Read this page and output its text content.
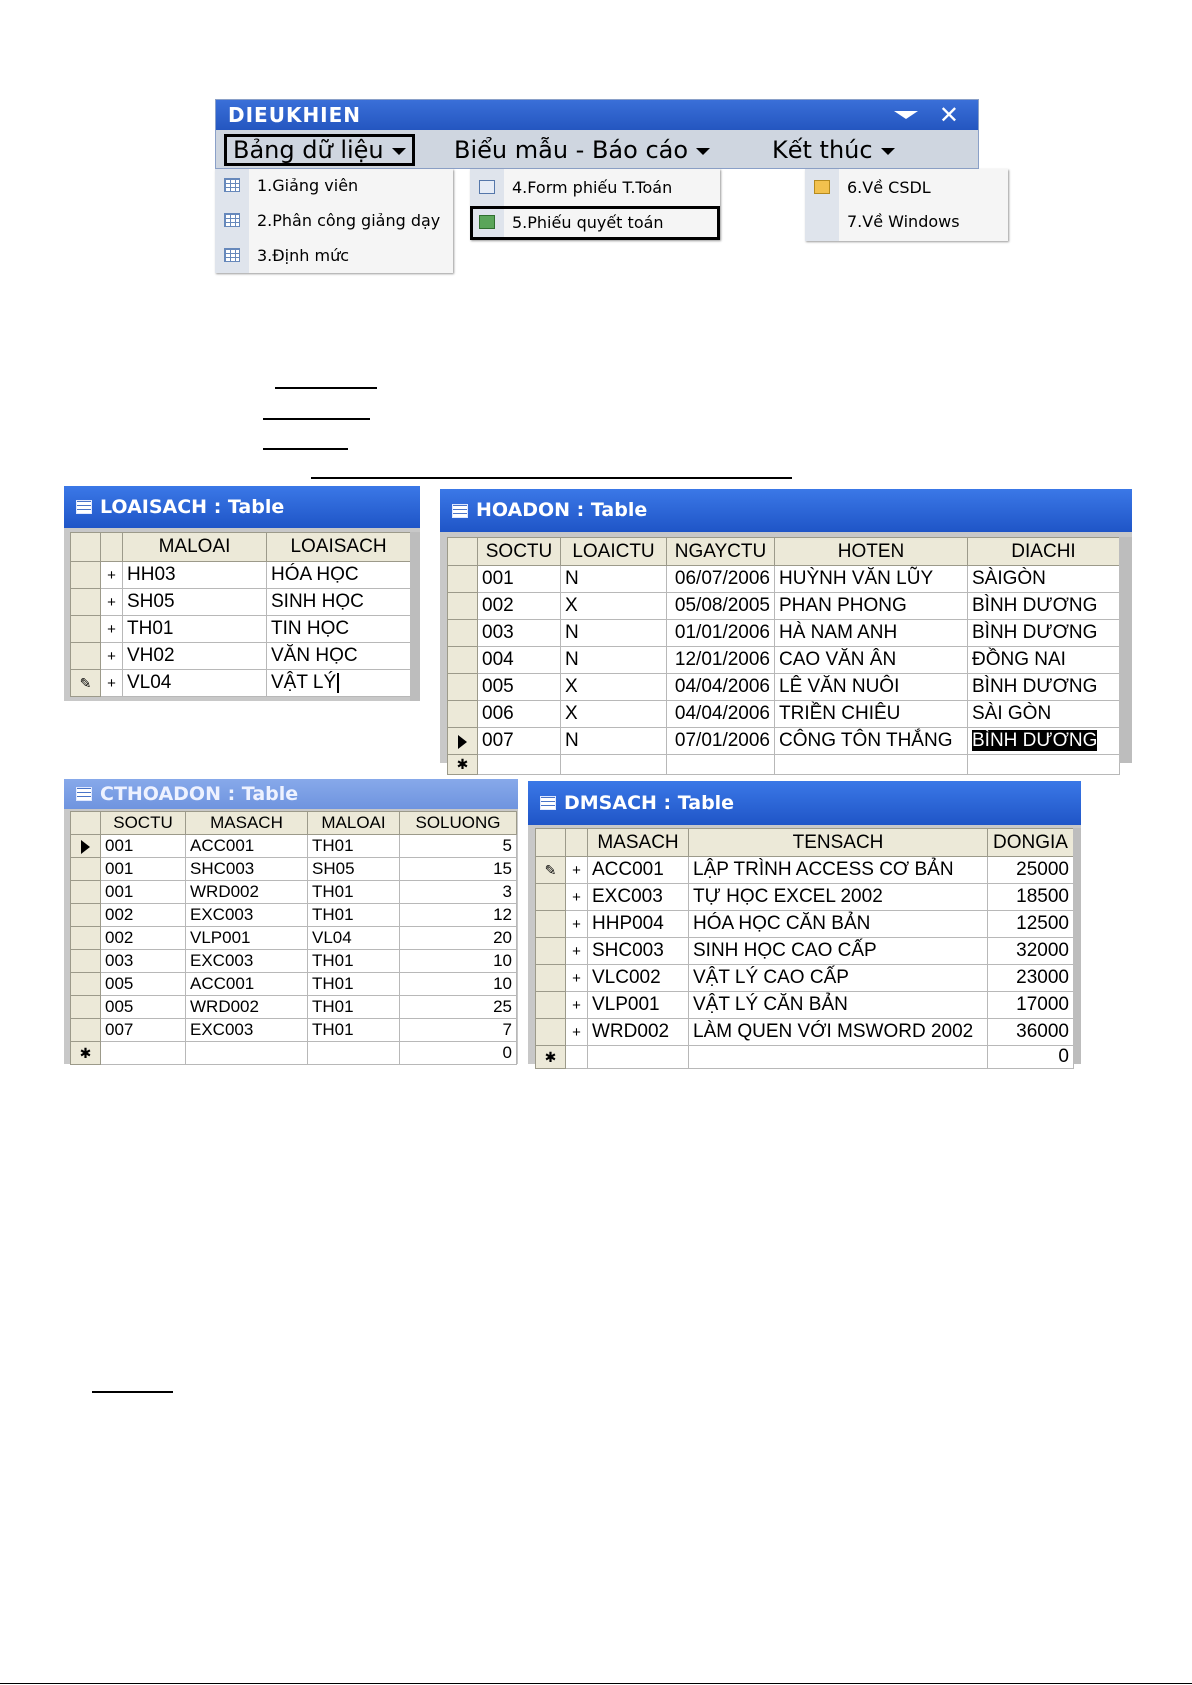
DIEUKHIEN	✕
Bảng dữ liệu	Biểu mẫu - Báo cáo	Kết thúc
1.Giảng viên
2.Phân công giảng dạy
3.Định mức
4.Form phiếu T.Toán
5.Phiếu quyết toán
6.Về CSDL
7.Về Windows
LOAISACH : Table
		MALOAI	LOAISACH
	+	HH03	HÓA HỌC
	+	SH05	SINH HỌC
	+	TH01	TIN HỌC
	+	VH02	VĂN HỌC
✎	+	VL04	VẬT LÝ
HOADON : Table
	SOCTU	LOAICTU	NGAYCTU	HOTEN	DIACHI
	001	N	06/07/2006	HUỲNH VĂN LŨY	SÀIGÒN
	002	X	05/08/2005	PHAN PHONG	BÌNH DƯƠNG
	003	N	01/01/2006	HÀ NAM ANH	BÌNH DƯƠNG
	004	N	12/01/2006	CAO VĂN ÂN	ĐỒNG NAI
	005	X	04/04/2006	LÊ VĂN NUÔI	BÌNH DƯƠNG
	006	X	04/04/2006	TRIỀN CHIÊU	SÀI GÒN
	007	N	07/01/2006	CÔNG TÔN THẮNG	BÌNH DƯƠNG
✱					
CTHOADON : Table
	SOCTU	MASACH	MALOAI	SOLUONG
	001	ACC001	TH01	5
	001	SHC003	SH05	15
	001	WRD002	TH01	3
	002	EXC003	TH01	12
	002	VLP001	VL04	20
	003	EXC003	TH01	10
	005	ACC001	TH01	10
	005	WRD002	TH01	25
	007	EXC003	TH01	7
✱				0
DMSACH : Table
		MASACH	TENSACH	DONGIA
✎	+	ACC001	LẬP TRÌNH ACCESS CƠ BẢN	25000
	+	EXC003	TỰ HỌC EXCEL 2002	18500
	+	HHP004	HÓA HỌC CĂN BẢN	12500
	+	SHC003	SINH HỌC CAO CẤP	32000
	+	VLC002	VẬT LÝ CAO CẤP	23000
	+	VLP001	VẬT LÝ CĂN BẢN	17000
	+	WRD002	LÀM QUEN VỚI MSWORD 2002	36000
✱				0
